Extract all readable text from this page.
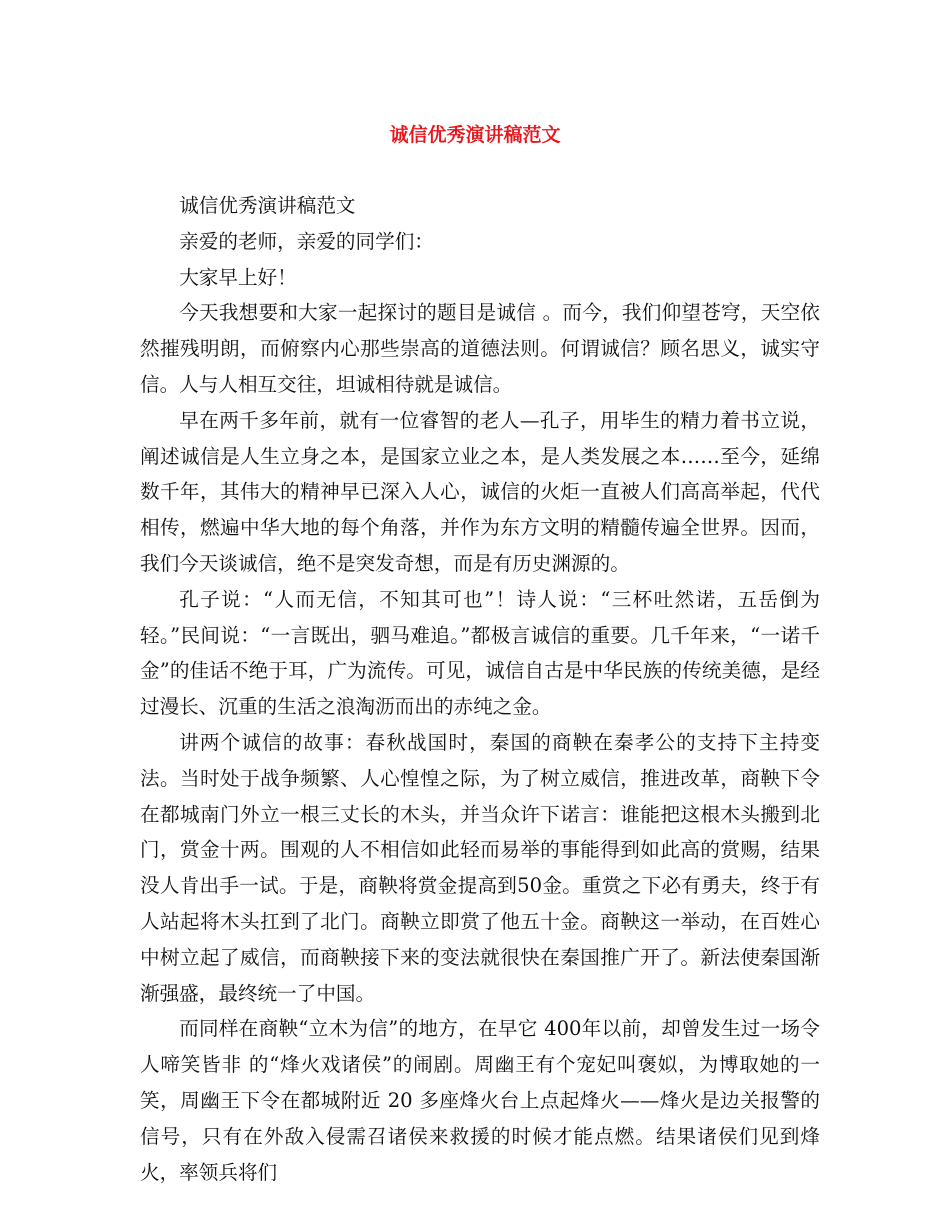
诚信优秀演讲稿范文

诚信优秀演讲稿范文

亲爱的老师，亲爱的同学们：

大家早上好！

今天我想要和大家一起探讨的题目是诚信 。而今，我们仰望苍穹，天空依然摧残明朗，而俯察内心那些崇高的道德法则。何谓诚信？顾名思义，诚实守信。人与人相互交往，坦诚相待就是诚信。

早在两千多年前，就有一位睿智的老人—孔子，用毕生的精力着书立说，阐述诚信是人生立身之本，是国家立业之本，是人类发展之本……至今，延绵数千年，其伟大的精神早已深入人心，诚信的火炬一直被人们高高举起，代代相传，燃遍中华大地的每个角落，并作为东方文明的精髓传遍全世界。因而，我们今天谈诚信，绝不是突发奇想，而是有历史渊源的。

孔子说：“人而无信，不知其可也”！诗人说：“三杯吐然诺，五岳倒为轻。”民间说：“一言既出，驷马难追。”都极言诚信的重要。几千年来，“一诺千金”的佳话不绝于耳，广为流传。可见，诚信自古是中华民族的传统美德，是经过漫长、沉重的生活之浪淘沥而出的赤纯之金。

讲两个诚信的故事：春秋战国时，秦国的商鞅在秦孝公的支持下主持变法。当时处于战争频繁、人心惶惶之际，为了树立威信，推进改革，商鞅下令在都城南门外立一根三丈长的木头，并当众许下诺言：谁能把这根木头搬到北门，赏金十两。围观的人不相信如此轻而易举的事能得到如此高的赏赐，结果没人肯出手一试。于是，商鞅将赏金提高到50金。重赏之下必有勇夫，终于有人站起将木头扛到了北门。商鞅立即赏了他五十金。商鞅这一举动，在百姓心中树立起了威信，而商鞅接下来的变法就很快在秦国推广开了。新法使秦国渐渐强盛，最终统一了中国。

而同样在商鞅“立木为信”的地方，在早它 400年以前，却曾发生过一场令人啼笑皆非 的“烽火戏诸侯”的闹剧。周幽王有个宠妃叫褒姒，为博取她的一笑，周幽王下令在都城附近 20 多座烽火台上点起烽火——烽火是边关报警的信号，只有在外敌入侵需召诸侯来救援的时候才能点燃。结果诸侯们见到烽火，率领兵将们
